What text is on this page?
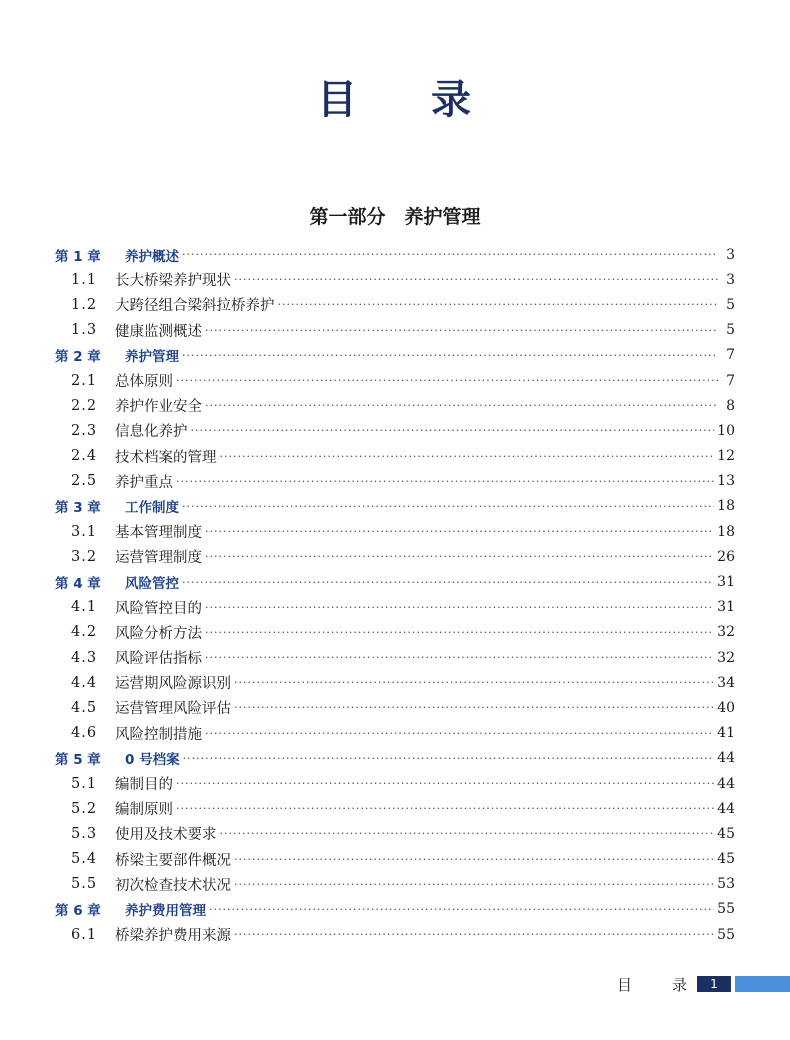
目 录
第一部分　养护管理
第 1 章	养护概述 ·····	3
1.1	长大桥梁养护现状 ·····	3
1.2	大跨径组合梁斜拉桥养护 ·····	5
1.3	健康监测概述 ·····	5
第 2 章	养护管理 ·····	7
2.1	总体原则 ·····	7
2.2	养护作业安全 ·····	8
2.3	信息化养护 ·····	10
2.4	技术档案的管理 ·····	12
2.5	养护重点 ·····	13
第 3 章	工作制度 ·····	18
3.1	基本管理制度 ·····	18
3.2	运营管理制度 ·····	26
第 4 章	风险管控 ·····	31
4.1	风险管控目的 ·····	31
4.2	风险分析方法 ·····	32
4.3	风险评估指标 ·····	32
4.4	运营期风险源识别 ·····	34
4.5	运营管理风险评估 ·····	40
4.6	风险控制措施 ·····	41
第 5 章	0 号档案 ·····	44
5.1	编制目的 ·····	44
5.2	编制原则 ·····	44
5.3	使用及技术要求 ·····	45
5.4	桥梁主要部件概况 ·····	45
5.5	初次检查技术状况 ·····	53
第 6 章	养护费用管理 ·····	55
6.1	桥梁养护费用来源 ·····	55
目	录	1
